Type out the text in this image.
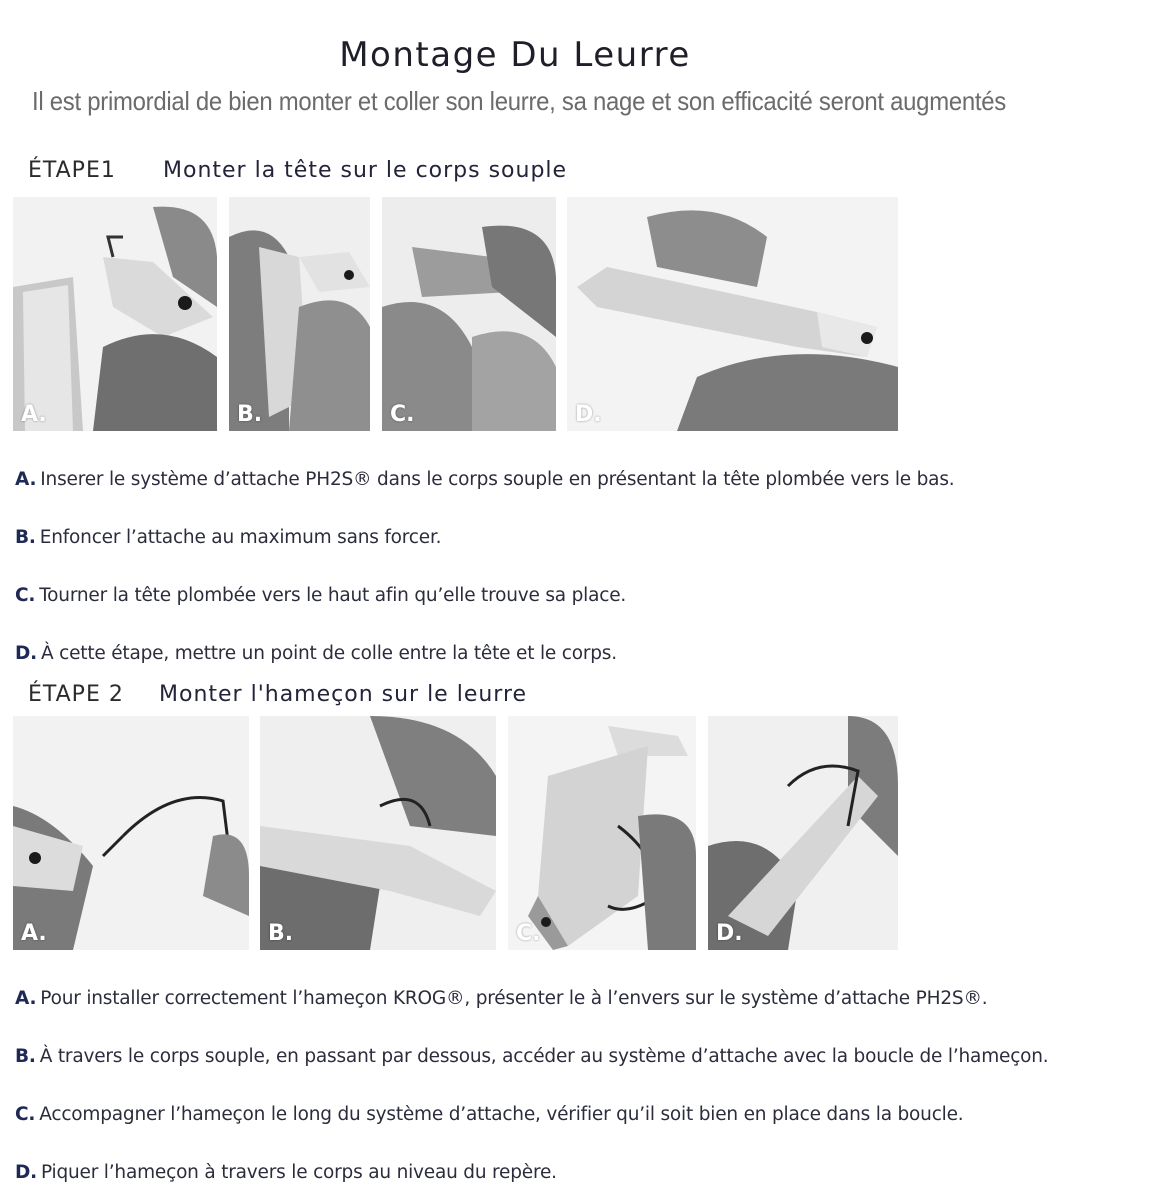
Montage Du Leurre
Il est primordial de bien monter et coller son leurre, sa nage et son efficacité seront augmentés
ÉTAPE1 Monter la tête sur le corps souple
A.	B.	C.	D.
A. Inserer le système d’attache PH2S® dans le corps souple en présentant la tête plombée vers le bas.
B. Enfoncer l’attache au maximum sans forcer.
C. Tourner la tête plombée vers le haut afin qu’elle trouve sa place.
D. À cette étape, mettre un point de colle entre la tête et le corps.
ÉTAPE 2 Monter l'hameçon sur le leurre
A.	B.	C.	D.
A. Pour installer correctement l’hameçon KROG®, présenter le à l’envers sur le système d’attache PH2S®.
B. À travers le corps souple, en passant par dessous, accéder au système d’attache avec la boucle de l’hameçon.
C. Accompagner l’hameçon le long du système d’attache, vérifier qu’il soit bien en place dans la boucle.
D. Piquer l’hameçon à travers le corps au niveau du repère.
